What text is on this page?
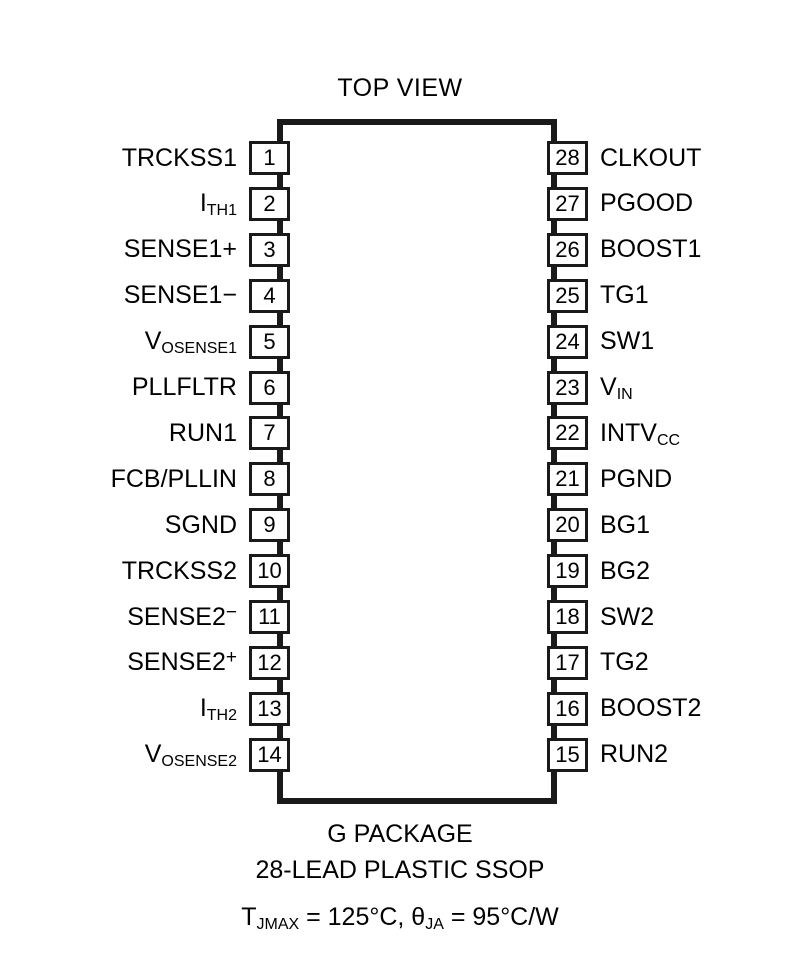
TOP VIEW
TRCKSS1	1
$I_{TH1}$	2
SENSE1+	3
SENSE1−	4
$V_{OSENSE1}$	5
PLLFLTR	6
RUN1	7
FCB/PLLIN	8
SGND	9
TRCKSS2 10
SENSE2− 11
SENSE2+ 12
$I_{TH2}$ 13
$V_{OSENSE2}$ 14
28 CLKOUT
27 PGOOD
26 BOOST1
25 TG1
24 SW1
23 $V_{IN}$
22 $INTV_{CC}$
21 PGND
20 BG1
19 BG2
18 SW2
17 TG2
16 BOOST2
15 RUN2
G PACKAGE
28-LEAD PLASTIC SSOP
$T_{JMAX} = 125^\circ C$, $\theta_{JA} = 95^\circ C/W$
